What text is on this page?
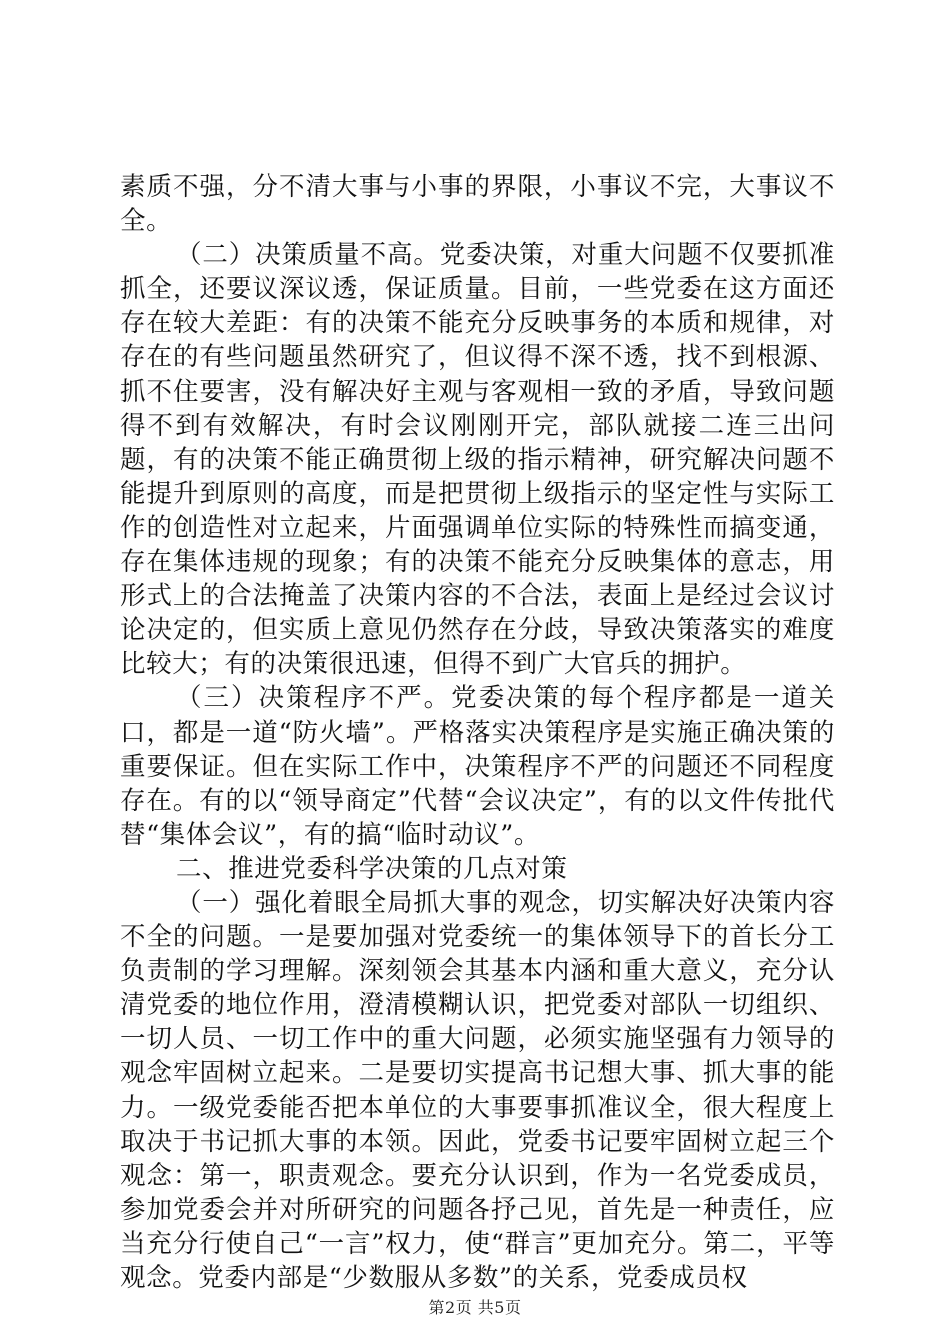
素质不强，分不清大事与小事的界限，小事议不完，大事议不全。

（二）决策质量不高。党委决策，对重大问题不仅要抓准抓全，还要议深议透，保证质量。目前，一些党委在这方面还存在较大差距：有的决策不能充分反映事务的本质和规律，对存在的有些问题虽然研究了，但议得不深不透，找不到根源、抓不住要害，没有解决好主观与客观相一致的矛盾，导致问题得不到有效解决，有时会议刚刚开完，部队就接二连三出问题，有的决策不能正确贯彻上级的指示精神，研究解决问题不能提升到原则的高度，而是把贯彻上级指示的坚定性与实际工作的创造性对立起来，片面强调单位实际的特殊性而搞变通，存在集体违规的现象；有的决策不能充分反映集体的意志，用形式上的合法掩盖了决策内容的不合法，表面上是经过会议讨论决定的，但实质上意见仍然存在分歧，导致决策落实的难度比较大；有的决策很迅速，但得不到广大官兵的拥护。

（三）决策程序不严。党委决策的每个程序都是一道关口，都是一道“防火墙”。严格落实决策程序是实施正确决策的重要保证。但在实际工作中，决策程序不严的问题还不同程度存在。有的以“领导商定”代替“会议决定”，有的以文件传批代替“集体会议”，有的搞“临时动议”。

二、推进党委科学决策的几点对策

（一）强化着眼全局抓大事的观念，切实解决好决策内容不全的问题。一是要加强对党委统一的集体领导下的首长分工负责制的学习理解。深刻领会其基本内涵和重大意义，充分认清党委的地位作用，澄清模糊认识，把党委对部队一切组织、一切人员、一切工作中的重大问题，必须实施坚强有力领导的观念牢固树立起来。二是要切实提高书记想大事、抓大事的能力。一级党委能否把本单位的大事要事抓准议全，很大程度上取决于书记抓大事的本领。因此，党委书记要牢固树立起三个观念：第一，职责观念。要充分认识到，作为一名党委成员，参加党委会并对所研究的问题各抒己见，首先是一种责任，应当充分行使自己“一言”权力，使“群言”更加充分。第二，平等观念。党委内部是“少数服从多数”的关系，党委成员权

第2页 共5页
